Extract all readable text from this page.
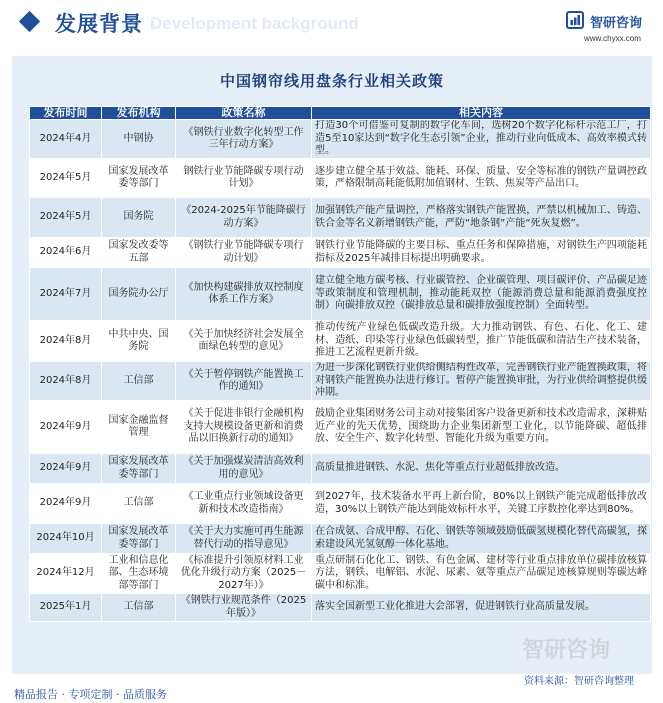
Development background
发展背景	智研咨询
www.chyxx.com
中国钢帘线用盘条行业相关政策
发布时间	发布机构	政策名称	相关内容
2024年4月	中钢协	《钢铁行业数字化转型工作三年行动方案》	打造30个可借鉴可复制的数字化车间，选树20个数字化标杆示范工厂，打造5至10家达到“数字化生态引领”企业，推动行业向低成本、高效率模式转型。
2024年5月	国家发展改革委等部门	钢铁行业节能降碳专项行动计划》	逐步建立健全基于效益、能耗、环保、质量、安全等标准的钢铁产量调控政策，严格限制高耗能低附加值钢材、生铁、焦炭等产品出口。
2024年5月	国务院	《2024-2025年节能降碳行动方案》	加强钢铁产能产量调控，严格落实钢铁产能置换，严禁以机械加工、铸造、铁合金等名义新增钢铁产能，严防“地条钢”产能“死灰复燃”。
2024年6月	国家发改委等五部	《钢铁行业节能降碳专项行动计划》	钢铁行业节能降碳的主要目标、重点任务和保障措施，对钢铁生产四项能耗指标及2025年减排目标提出明确要求。
2024年7月	国务院办公厅	《加快构建碳排放双控制度体系工作方案》	建立健全地方碳考核、行业碳管控、企业碳管理、项目碳评价、产品碳足迹等政策制度和管理机制，推动能耗双控（能源消费总量和能源消费强度控制）向碳排放双控（碳排放总量和碳排放强度控制）全面转型。
2024年8月	中共中央、国务院	《关于加快经济社会发展全面绿色转型的意见》	推动传统产业绿色低碳改造升级。大力推动钢铁、有色、石化、化工、建材、造纸、印染等行业绿色低碳转型，推广节能低碳和清洁生产技术装备，推进工艺流程更新升级。
2024年8月	工信部	《关于暂停钢铁产能置换工作的通知》	为进一步深化钢铁行业供给侧结构性改革，完善钢铁行业产能置换政策，将对钢铁产能置换办法进行修订。暂停产能置换审批，为行业供给调整提供缓冲期。
2024年9月	国家金融监督管理	《关于促进非银行金融机构支持大规模设备更新和消费品以旧换新行动的通知》	鼓励企业集团财务公司主动对接集团客户设备更新和技术改造需求，深耕贴近产业的先天优势，围绕助力企业集团新型工业化，以节能降碳、超低排放、安全生产、数字化转型、智能化升级为重要方向。
2024年9月	国家发展改革委等部门	《关于加强煤炭清洁高效利用的意见》	高质量推进钢铁、水泥、焦化等重点行业超低排放改造。
2024年9月	工信部	《工业重点行业领域设备更新和技术改造指南》	到2027年，技术装备水平再上新台阶，80%以上钢铁产能完成超低排放改造，30%以上钢铁产能达到能效标杆水平，关键工序数控化率达到80%。
2024年10月	国家发展改革委等部门	《关于大力实施可再生能源替代行动的指导意见》	在合成氨、合成甲醇、石化、钢铁等领域鼓励低碳氢规模化替代高碳氢，探索建设风光氢氨醇一体化基地。
2024年12月	工业和信息化部、生态环境部等部门	《标准提升引领原材料工业优化升级行动方案（2025－2027年）》	重点研制石化化工、钢铁、有色金属、建材等行业重点排放单位碳排放核算方法，钢铁、电解铝、水泥、尿素、氨等重点产品碳足迹核算规则等碳达峰碳中和标准。
2025年1月	工信部	《钢铁行业规范条件（2025年版）》	落实全国新型工业化推进大会部署，促进钢铁行业高质量发展。
智研咨询
资料来源：智研咨询整理
精品报告 · 专项定制 · 品质服务
